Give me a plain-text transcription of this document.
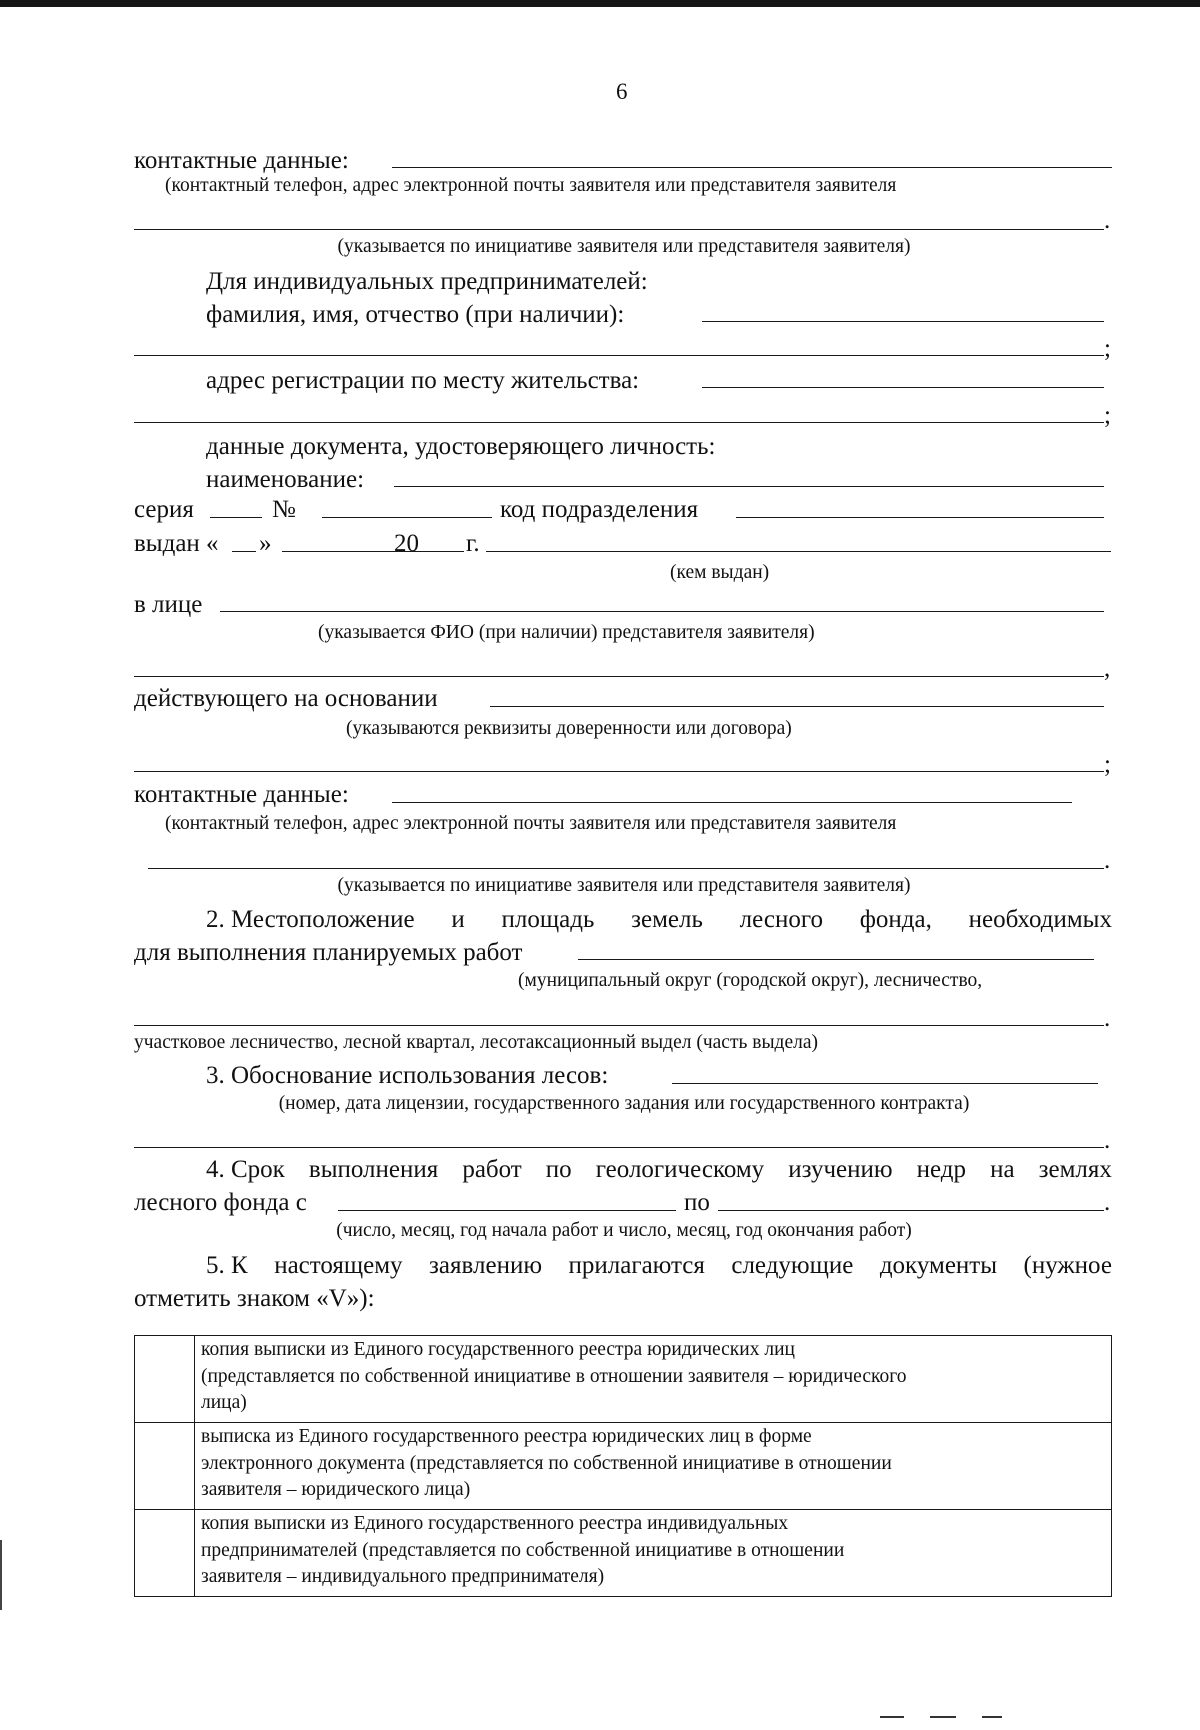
6
контактные данные:
(контактный телефон, адрес электронной почты заявителя или представителя заявителя
.
(указывается по инициативе заявителя или представителя заявителя)
Для индивидуальных предпринимателей:
фамилия, имя, отчество (при наличии):
;
адрес регистрации по месту жительства:
;
данные документа, удостоверяющего личность:
наименование:
серия	№	код подразделения
выдан « »	20 г.
(кем выдан)
в лице
(указывается ФИО (при наличии) представителя заявителя)
,
действующего на основании
(указываются реквизиты доверенности или договора)
;
контактные данные:
(контактный телефон, адрес электронной почты заявителя или представителя заявителя
.
(указывается по инициативе заявителя или представителя заявителя)
2. Местоположение и площадь земель лесного фонда, необходимых
для выполнения планируемых работ
(муниципальный округ (городской округ), лесничество,
.
участковое лесничество, лесной квартал, лесотаксационный выдел (часть выдела)
3. Обоснование использования лесов:
(номер, дата лицензии, государственного задания или государственного контракта)
.
4. Срок выполнения работ по геологическому изучению недр на землях
лесного фонда с	по	.
(число, месяц, год начала работ и число, месяц, год окончания работ)
5. К настоящему заявлению прилагаются следующие документы (нужное
отметить знаком «V»):

	копия выписки из Единого государственного реестра юридических лиц
(представляется по собственной инициативе в отношении заявителя – юридического
лица)

	выписка из Единого государственного реестра юридических лиц в форме
электронного документа (представляется по собственной инициативе в отношении
заявителя – юридического лица)

	копия выписки из Единого государственного реестра индивидуальных
предпринимателей (представляется по собственной инициативе в отношении
заявителя – индивидуального предпринимателя)
